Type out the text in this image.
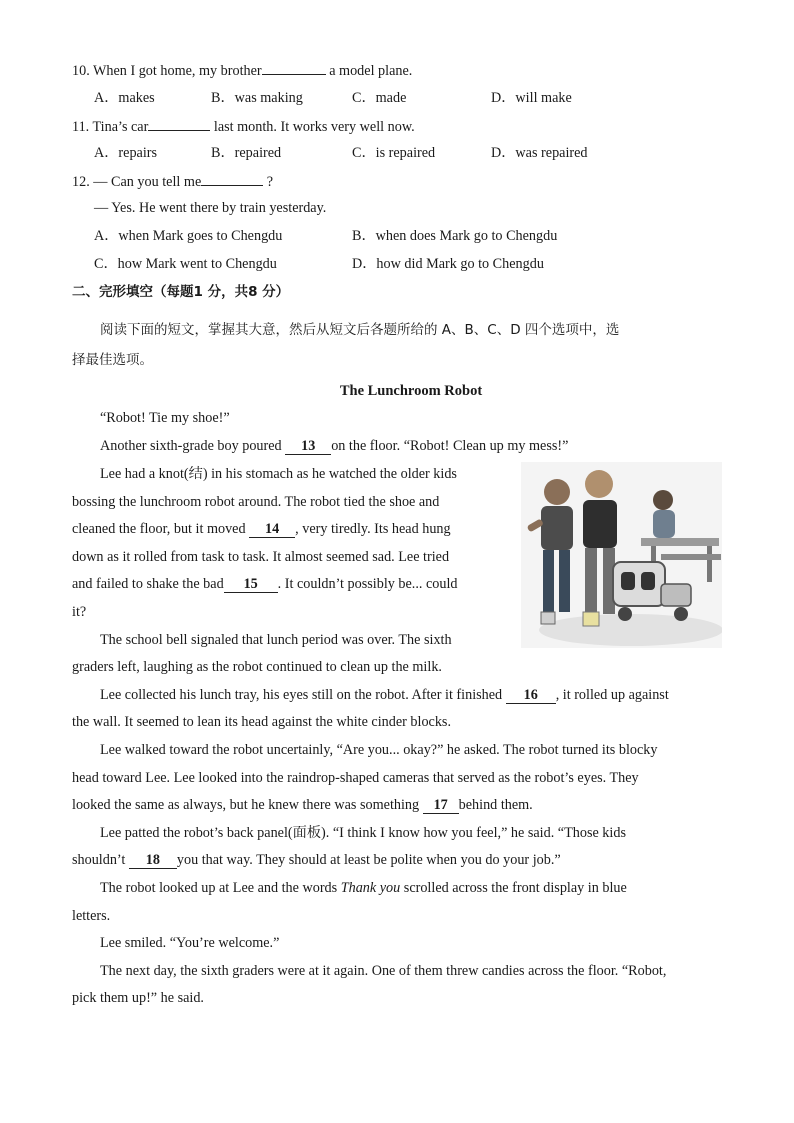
10. When I got home, my brother	a model plane.
A．makes	B．was making	C．made	D．will make
11. Tina’s car	last month. It works very well now.
A．repairs	B．repaired	C．is repaired	D．was repaired
12. — Can you tell me	?
— Yes. He went there by train yesterday.
A．when Mark goes to Chengdu	B．when does Mark go to Chengdu
C．how Mark went to Chengdu	D．how did Mark go to Chengdu
二、完形填空（每题1 分，共8 分）
阅读下面的短文，掌握其大意，然后从短文后各题所给的 A、B、C、D 四个选项中，选
择最佳选项。
The Lunchroom Robot
“Robot! Tie my shoe!”
Another sixth-grade boy poured 13 on the floor. “Robot! Clean up my mess!”
Lee had a knot(结) in his stomach as he watched the older kids
bossing the lunchroom robot around. The robot tied the shoe and
cleaned the floor, but it moved 14 , very tiredly. Its head hung
down as it rolled from task to task. It almost seemed sad. Lee tried
and failed to shake the bad 15 . It couldn’t possibly be... could
it?
The school bell signaled that lunch period was over. The sixth
graders left, laughing as the robot continued to clean up the milk.
Lee collected his lunch tray, his eyes still on the robot. After it finished 16 , it rolled up against
the wall. It seemed to lean its head against the white cinder blocks.
Lee walked toward the robot uncertainly, “Are you... okay?” he asked. The robot turned its blocky
head toward Lee. Lee looked into the raindrop-shaped cameras that served as the robot’s eyes. They
looked the same as always, but he knew there was something 17 behind them.
Lee patted the robot’s back panel(面板). “I think I know how you feel,” he said. “Those kids
shouldn’t 18 you that way. They should at least be polite when you do your job.”
The robot looked up at Lee and the words Thank you scrolled across the front display in blue
letters.
Lee smiled. “You’re welcome.”
The next day, the sixth graders were at it again. One of them threw candies across the floor. “Robot,
pick them up!” he said.
